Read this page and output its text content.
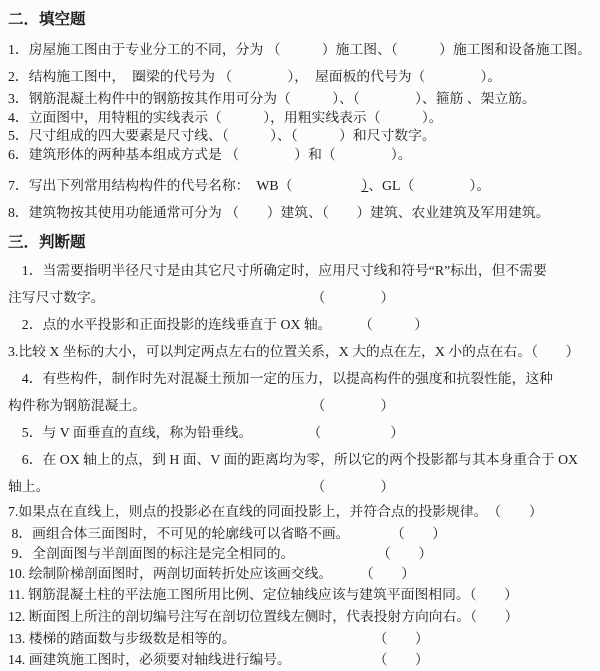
二．填空题
1．房屋施工图由于专业分工的不同，分为 （　　　）施工图、（　　　）施工图和设备施工图。
2．结构施工图中，　圈梁的代号为 （　　　　），　屋面板的代号为（　　　　）。
3．钢筋混凝土构件中的钢筋按其作用可分为（　　　）、（　　　　）、箍筋 、架立筋。
4．立面图中，用特粗的实线表示（　　　），用粗实线表示（　　　）。
5．尺寸组成的四大要素是尺寸线、（　　　）、（　　　）和尺寸数字。
6．建筑形体的两种基本组成方式是 （　　　　）和（　　　　）。
7．写出下列常用结构构件的代号名称：　WB（　　　　　）、GL（　　　　）。
8．建筑物按其使用功能通常可分为 （　　）建筑、（　　）建筑、农业建筑及军用建筑。
三．判断题
　1．当需要指明半径尺寸是由其它尺寸所确定时，应用尺寸线和符号“R”标出，但不需要
注写尺寸数字。　　　　　　　　　　　　　　　　（　　　　）
　2．点的水平投影和正面投影的连线垂直于 OX 轴。　　　（　　　）
3.比较 X 坐标的大小，可以判定两点左右的位置关系，X 大的点在左，X 小的点在右。（　　）
　4．有些构件，制作时先对混凝土预加一定的压力，以提高构件的强度和抗裂性能，这种
构件称为钢筋混凝土。　　　　　　　　　　　　　（　　　　）
　5．与 V 面垂直的直线，称为铅垂线。　　　　　（　　　　　）
　6．在 OX 轴上的点，到 H 面、V 面的距离均为零，所以它的两个投影都与其本身重合于 OX
轴上。　　　　　　　　　　　　　　　　　　　　（　　　　）
7.如果点在直线上，则点的投影必在直线的同面投影上，并符合点的投影规律。　（　　）
8．画组合体三面图时，不可见的轮廓线可以省略不画。　　　　（　　）
9．全剖面图与半剖面图的标注是完全相同的。　　　　　　　（　　）
10. 绘制阶梯剖面图时，两剖切面转折处应该画交线。　　　（　　）
11. 钢筋混凝土柱的平法施工图所用比例、定位轴线应该与建筑平面图相同。（　　）
12. 断面图上所注的剖切编号注写在剖切位置线左侧时，代表投射方向向右。（　　）
13. 楼梯的踏面数与步级数是相等的。　　　　　　　　　　　（　　）
14. 画建筑施工图时，必须要对轴线进行编号。　　　　　　　（　　）
